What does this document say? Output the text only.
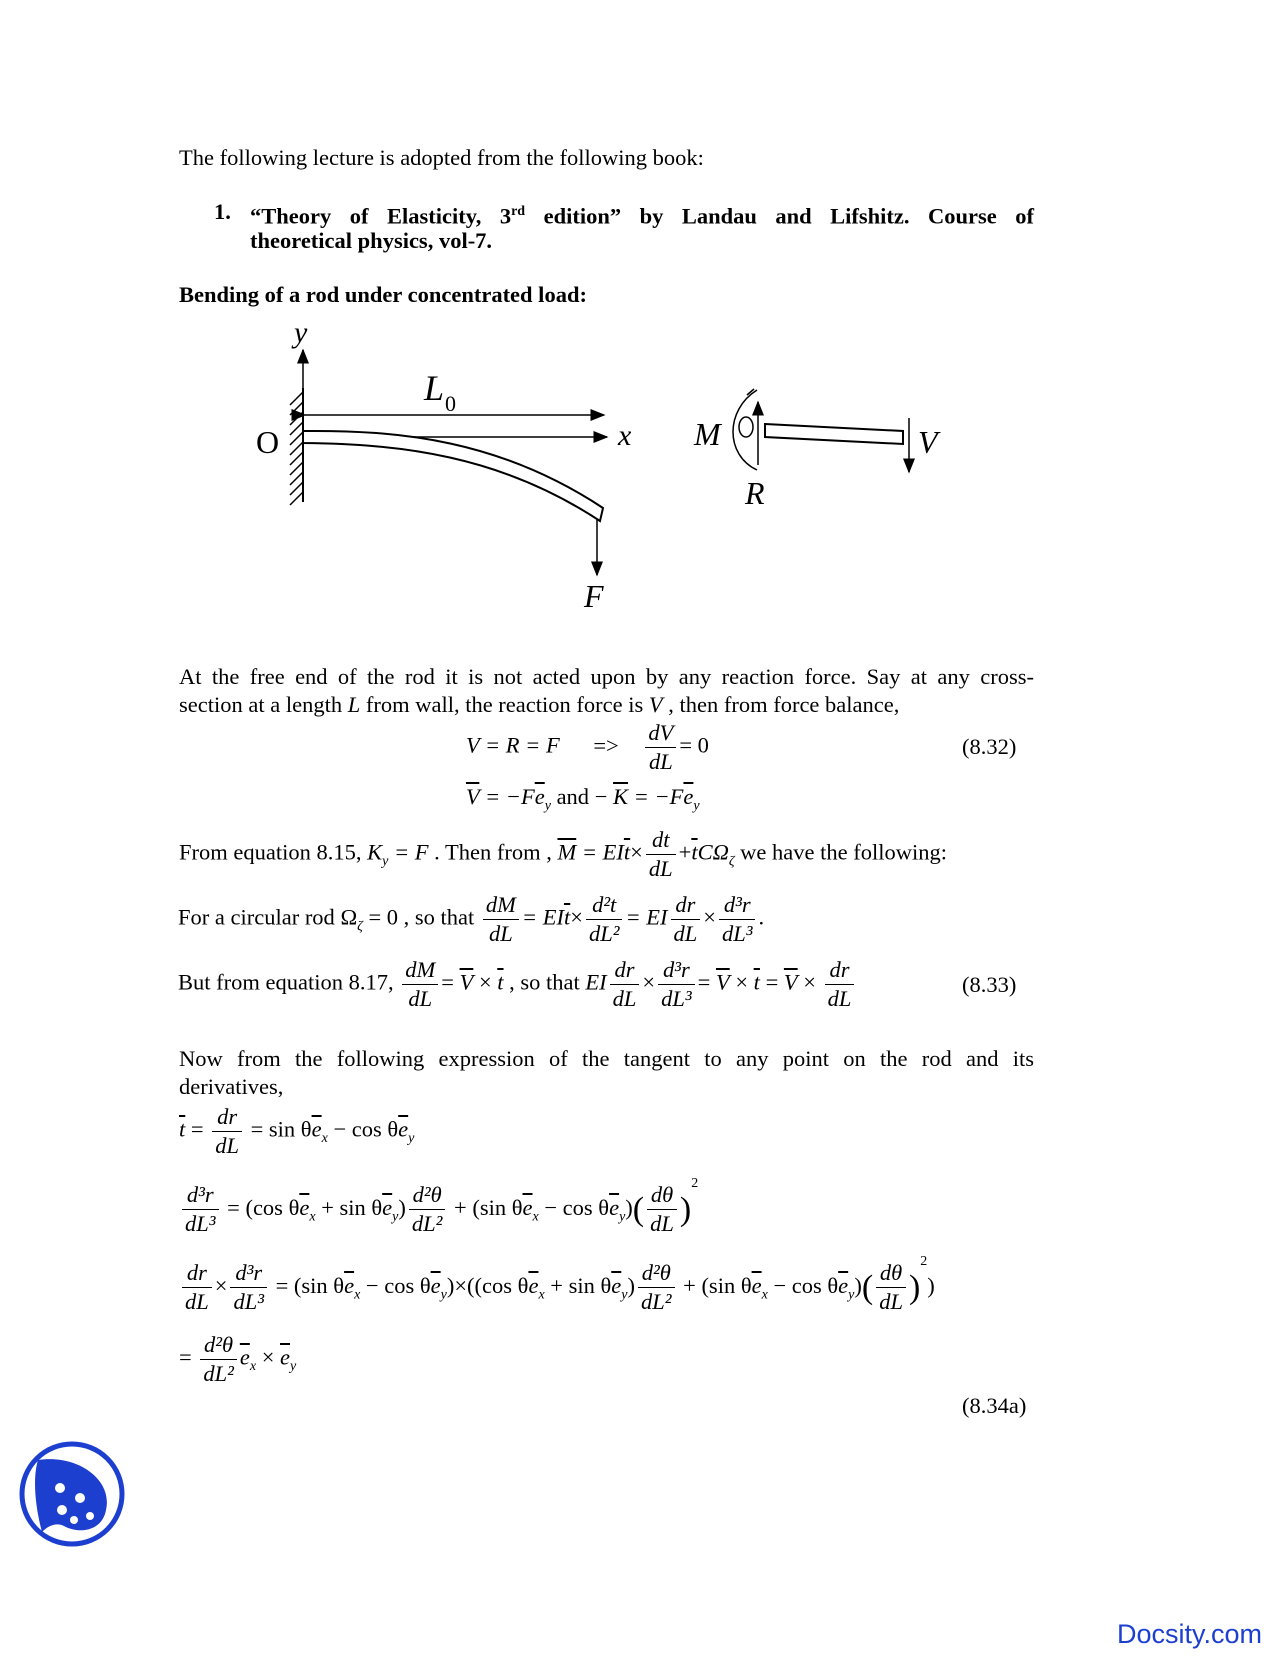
The following lecture is adopted from the following book:
1. “Theory of Elasticity, 3rd edition” by Landau and Lifshitz. Course of
theoretical physics, vol-7.
Bending of a rod under concentrated load:
y
x
O
L 0
F
M
R
V
At the free end of the rod it is not acted upon by any reaction force. Say at any cross-
section at a length L from wall, the reaction force is V , then from force balance,
$V = R = F => \frac{dV}{dL} = 0$	(8.32)
$\overline{V} = -F\overline{e}_y$ and − $\overline{K} = -F\overline{e}_y$
From equation 8.15, $K_y = F$ . Then from , $\overline{M} = EI\overline{t}\times \frac{dt}{dL} +\overline{t}C\Omega_\zeta$ we have the following:
For a circular rod $\Omega_\zeta = 0$ , so that $\frac{dM}{dL} = EI\overline{t}\times \frac{\text{d²t}}{\text{dL²}}$ = EI $\frac{dr}{dL} \times \frac{\text{d³r}}{\text{dL³}}$ .
But from equation 8.17, $\frac{dM}{dL} = \overline{V} \times \overline{t}$ , so that EI $\frac{dr}{dL} \times \frac{\text{d³r}}{\text{dL³}} = \overline{V} \times \overline{t} = \overline{V} \times \frac{dr}{dL}$	(8.33)
Now from the following expression of the tangent to any point on the rod and its
derivatives,
$\overline{t} = \frac{dr}{dL} = \sin \theta\overline{e}_x - \cos \theta\overline{e}_y$
$\frac{\text{d³r}}{\text{dL³}} = (\cos$ $\theta\overline{e}_x + \sin \theta\overline{e}_y) \frac{\text{d²θ}}{\text{dL²}} + (\sin$ $\theta\overline{e}_x - \cos \theta\overline{e}_y)( \frac{d\theta}{dL} )^2$
$\frac{dr}{dL} \times \frac{\text{d³r}}{\text{dL³}} = (\sin$ $\theta\overline{e}_x - \cos \theta\overline{e}_y)\times((\cos$ $\theta\overline{e}_x + \sin \theta\overline{e}_y) \frac{\text{d²θ}}{\text{dL²}} + (\sin$ $\theta\overline{e}_x - \cos \theta\overline{e}_y)( \frac{d\theta}{dL} )^2$)
= $\frac{\text{d²θ}}{\text{dL²}} \overline{e}_x \times \overline{e}_y$
(8.34a)
Docsity.com
